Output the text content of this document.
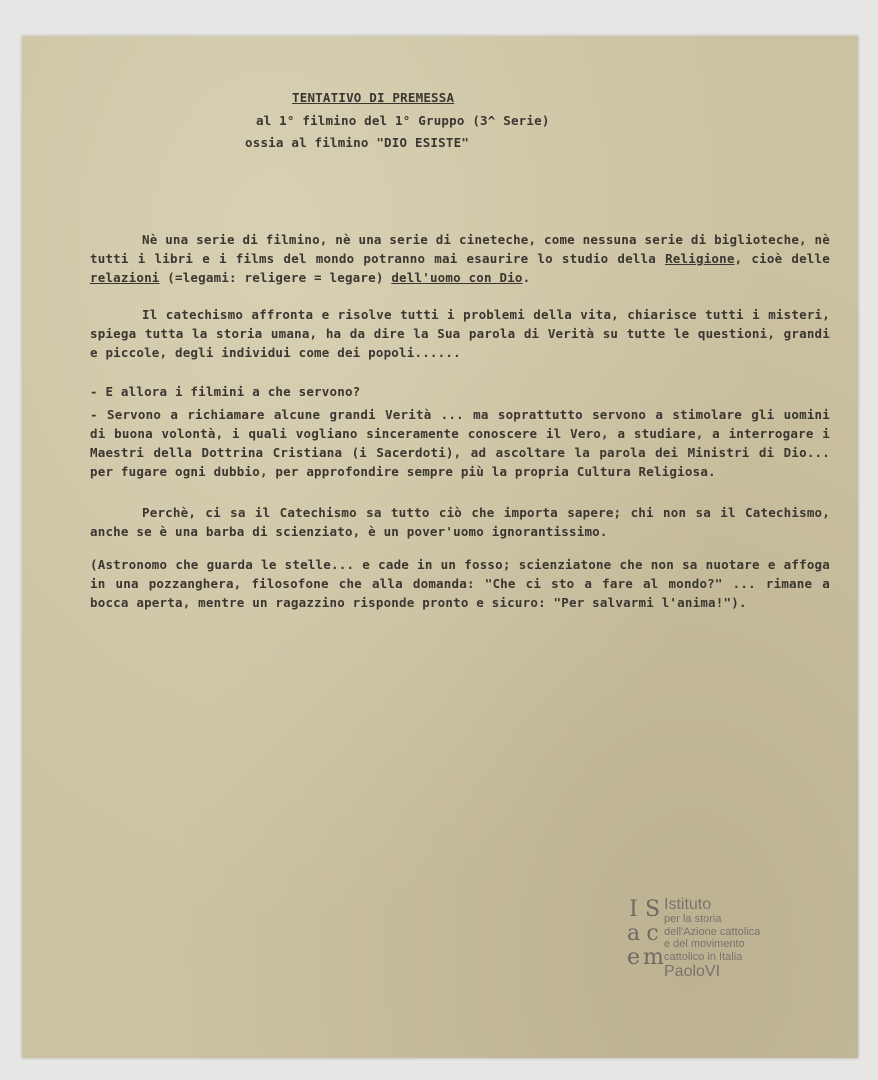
TENTATIVO DI PREMESSA
al 1° filmino del 1° Gruppo (3^ Serie)
ossia al filmino "DIO ESISTE"

Nè una serie di filmino, nè una serie di cineteche, come nessuna serie di biglioteche, nè tutti i libri e i films del mondo potranno mai esaurire lo studio della Religione, cioè delle relazioni (=legami: religere = legare) dell'uomo con Dio.

Il catechismo affronta e risolve tutti i problemi della vita, chiarisce tutti i misteri, spiega tutta la storia umana, ha da dire la Sua parola di Verità su tutte le questioni, grandi e piccole, degli individui come dei popoli......

- E allora i filmini a che servono?

- Servono a richiamare alcune grandi Verità ... ma soprattutto servono a stimolare gli uomini di buona volontà, i quali vogliano sinceramente conoscere il Vero, a studiare, a interrogare i Maestri della Dottrina Cristiana (i Sacerdoti), ad ascoltare la parola dei Ministri di Dio... per fugare ogni dubbio, per approfondire sempre più la propria Cultura Religiosa.

Perchè, ci sa il Catechismo sa tutto ciò che importa sapere; chi non sa il Catechismo, anche se è una barba di scienziato, è un pover'uomo ignorantissimo.

(Astronomo che guarda le stelle... e cade in un fosso; scienziatone che non sa nuotare e affoga in una pozzanghera, filosofone che alla domanda: "Che ci sto a fare al mondo?" ... rimane a bocca aperta, mentre un ragazzino risponde pronto e sicuro: "Per salvarmi l'anima!").

I S
a c
e m
Istituto
per la storia
dell'Azione cattolica
e del movimento
cattolico in Italia
PaoloVI
